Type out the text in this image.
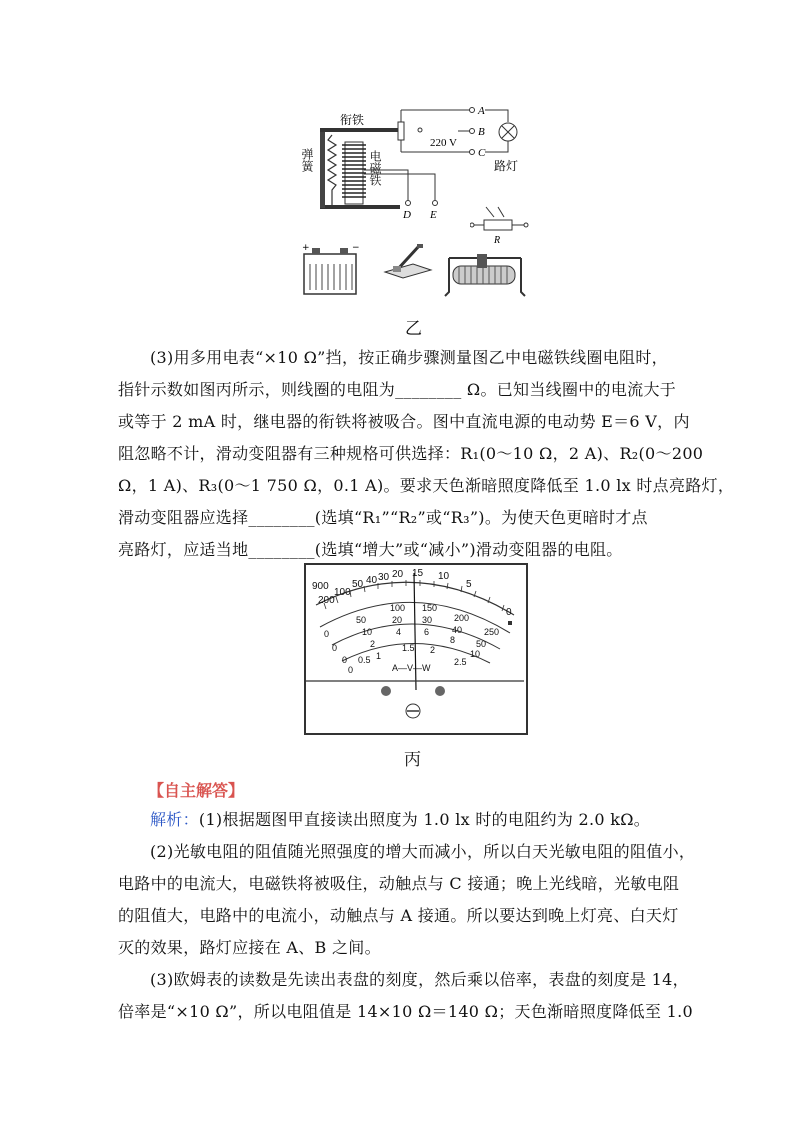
衔铁
A
B
C
220 V
路灯
D E
弹簧	电磁铁
R
+	−
乙
(3)用多用电表“×10 Ω”挡，按正确步骤测量图乙中电磁铁线圈电阻时，
指针示数如图丙所示，则线圈的电阻为________ Ω。已知当线圈中的电流大于
或等于 2 mA 时，继电器的衔铁将被吸合。图中直流电源的电动势 E＝6 V，内
阻忽略不计，滑动变阻器有三种规格可供选择：R₁(0～10 Ω，2 A)、R₂(0～200
Ω，1 A)、R₃(0～1 750 Ω，0.1 A)。要求天色渐暗照度降低至 1.0 lx 时点亮路灯，
滑动变阻器应选择________(选填“R₁”“R₂”或“R₃”)。为使天色更暗时才点
亮路灯，应适当地________(选填“增大”或“减小”)滑动变阻器的电阻。
900
200
100
50 40 30 20 15 10
5
0
0
50
100 150
200
250
0
10
20 30
40
50
0
2
4	6
8
10
0
0.5 1
1.5 2
2.5
A—V—W
丙
【自主解答】
解析：(1)根据题图甲直接读出照度为 1.0 lx 时的电阻约为 2.0 kΩ。
(2)光敏电阻的阻值随光照强度的增大而减小，所以白天光敏电阻的阻值小，
电路中的电流大，电磁铁将被吸住，动触点与 C 接通；晚上光线暗，光敏电阻
的阻值大，电路中的电流小，动触点与 A 接通。所以要达到晚上灯亮、白天灯
灭的效果，路灯应接在 A、B 之间。
(3)欧姆表的读数是先读出表盘的刻度，然后乘以倍率，表盘的刻度是 14，
倍率是“×10 Ω”，所以电阻值是 14×10 Ω＝140 Ω；天色渐暗照度降低至 1.0
